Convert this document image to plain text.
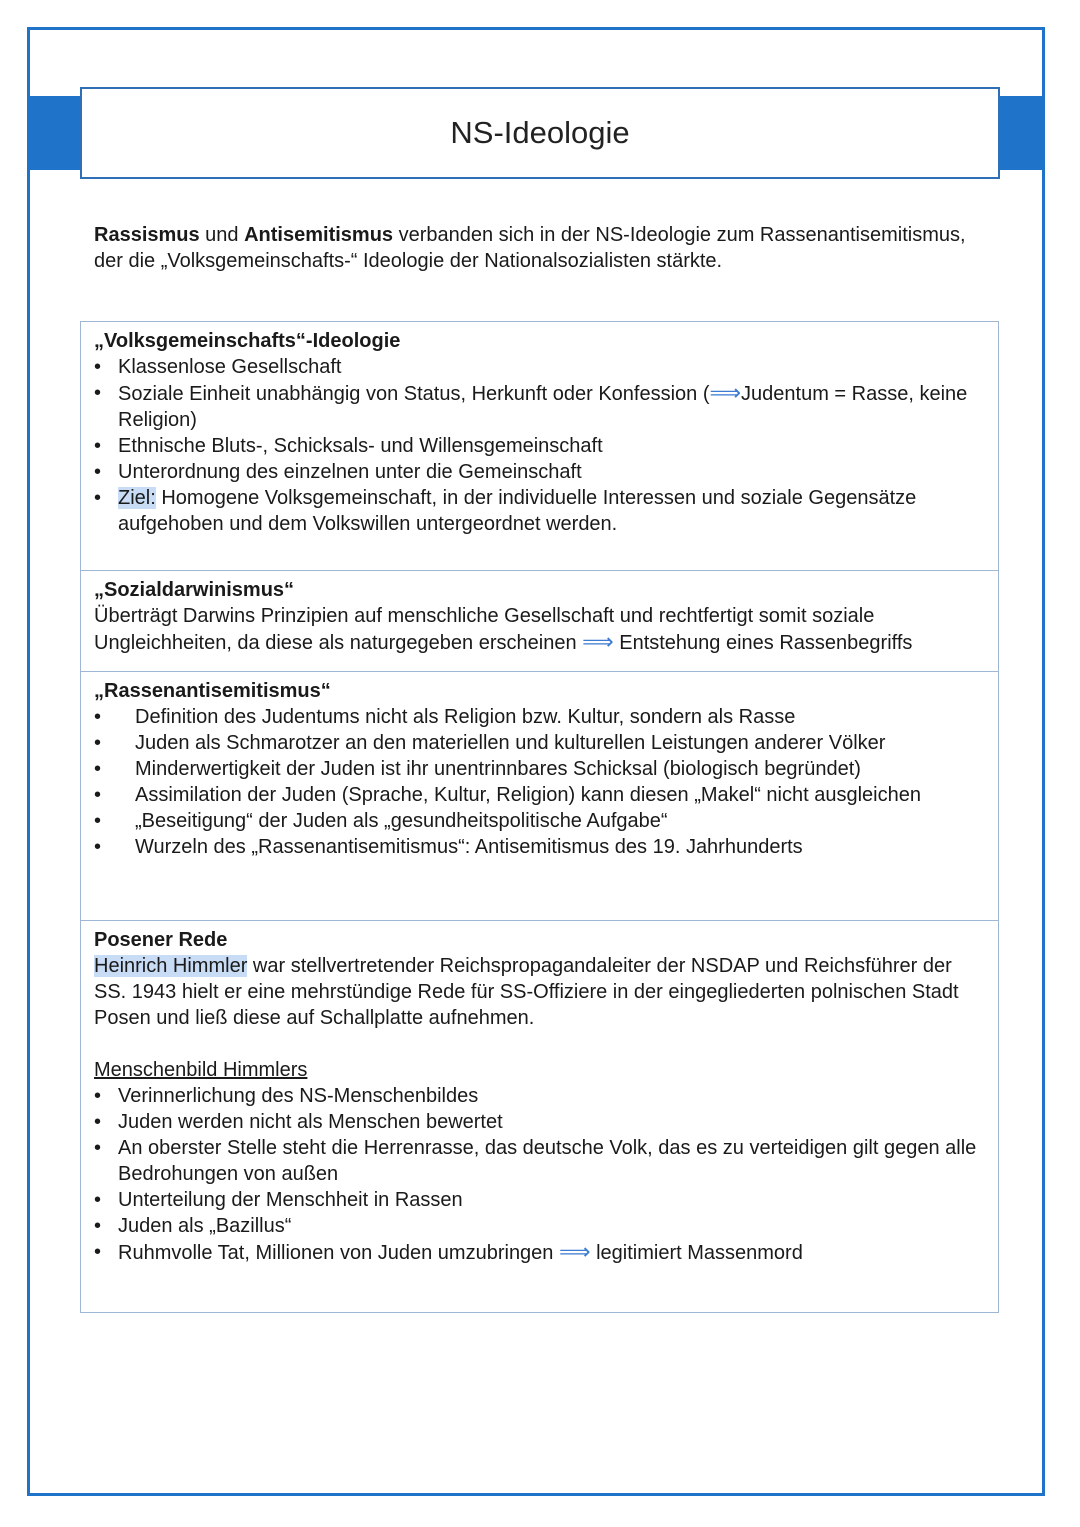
NS-Ideologie
Rassismus und Antisemitismus verbanden sich in der NS-Ideologie zum Rassenantisemitismus, der die „Volksgemeinschafts-“ Ideologie der Nationalsozialisten stärkte.
„Volksgemeinschafts“-Ideologie
• Klassenlose Gesellschaft
• Soziale Einheit unabhängig von Status, Herkunft oder Konfession (⟹Judentum = Rasse, keine Religion)
• Ethnische Bluts-, Schicksals- und Willensgemeinschaft
• Unterordnung des einzelnen unter die Gemeinschaft
• Ziel: Homogene Volksgemeinschaft, in der individuelle Interessen und soziale Gegensätze aufgehoben und dem Volkswillen untergeordnet werden.
„Sozialdarwinismus“
Überträgt Darwins Prinzipien auf menschliche Gesellschaft und rechtfertigt somit soziale Ungleichheiten, da diese als naturgegeben erscheinen ⟹ Entstehung eines Rassenbegriffs
„Rassenantisemitismus“
• Definition des Judentums nicht als Religion bzw. Kultur, sondern als Rasse
• Juden als Schmarotzer an den materiellen und kulturellen Leistungen anderer Völker
• Minderwertigkeit der Juden ist ihr unentrinnbares Schicksal (biologisch begründet)
• Assimilation der Juden (Sprache, Kultur, Religion) kann diesen „Makel“ nicht ausgleichen
• „Beseitigung“ der Juden als „gesundheitspolitische Aufgabe“
• Wurzeln des „Rassenantisemitismus“: Antisemitismus des 19. Jahrhunderts
Posener Rede
Heinrich Himmler war stellvertretender Reichspropagandaleiter der NSDAP und Reichsführer der SS. 1943 hielt er eine mehrstündige Rede für SS-Offiziere in der eingegliederten polnischen Stadt Posen und ließ diese auf Schallplatte aufnehmen.
Menschenbild Himmlers
• Verinnerlichung des NS-Menschenbildes
• Juden werden nicht als Menschen bewertet
• An oberster Stelle steht die Herrenrasse, das deutsche Volk, das es zu verteidigen gilt gegen alle Bedrohungen von außen
• Unterteilung der Menschheit in Rassen
• Juden als „Bazillus“
• Ruhmvolle Tat, Millionen von Juden umzubringen ⟹ legitimiert Massenmord
